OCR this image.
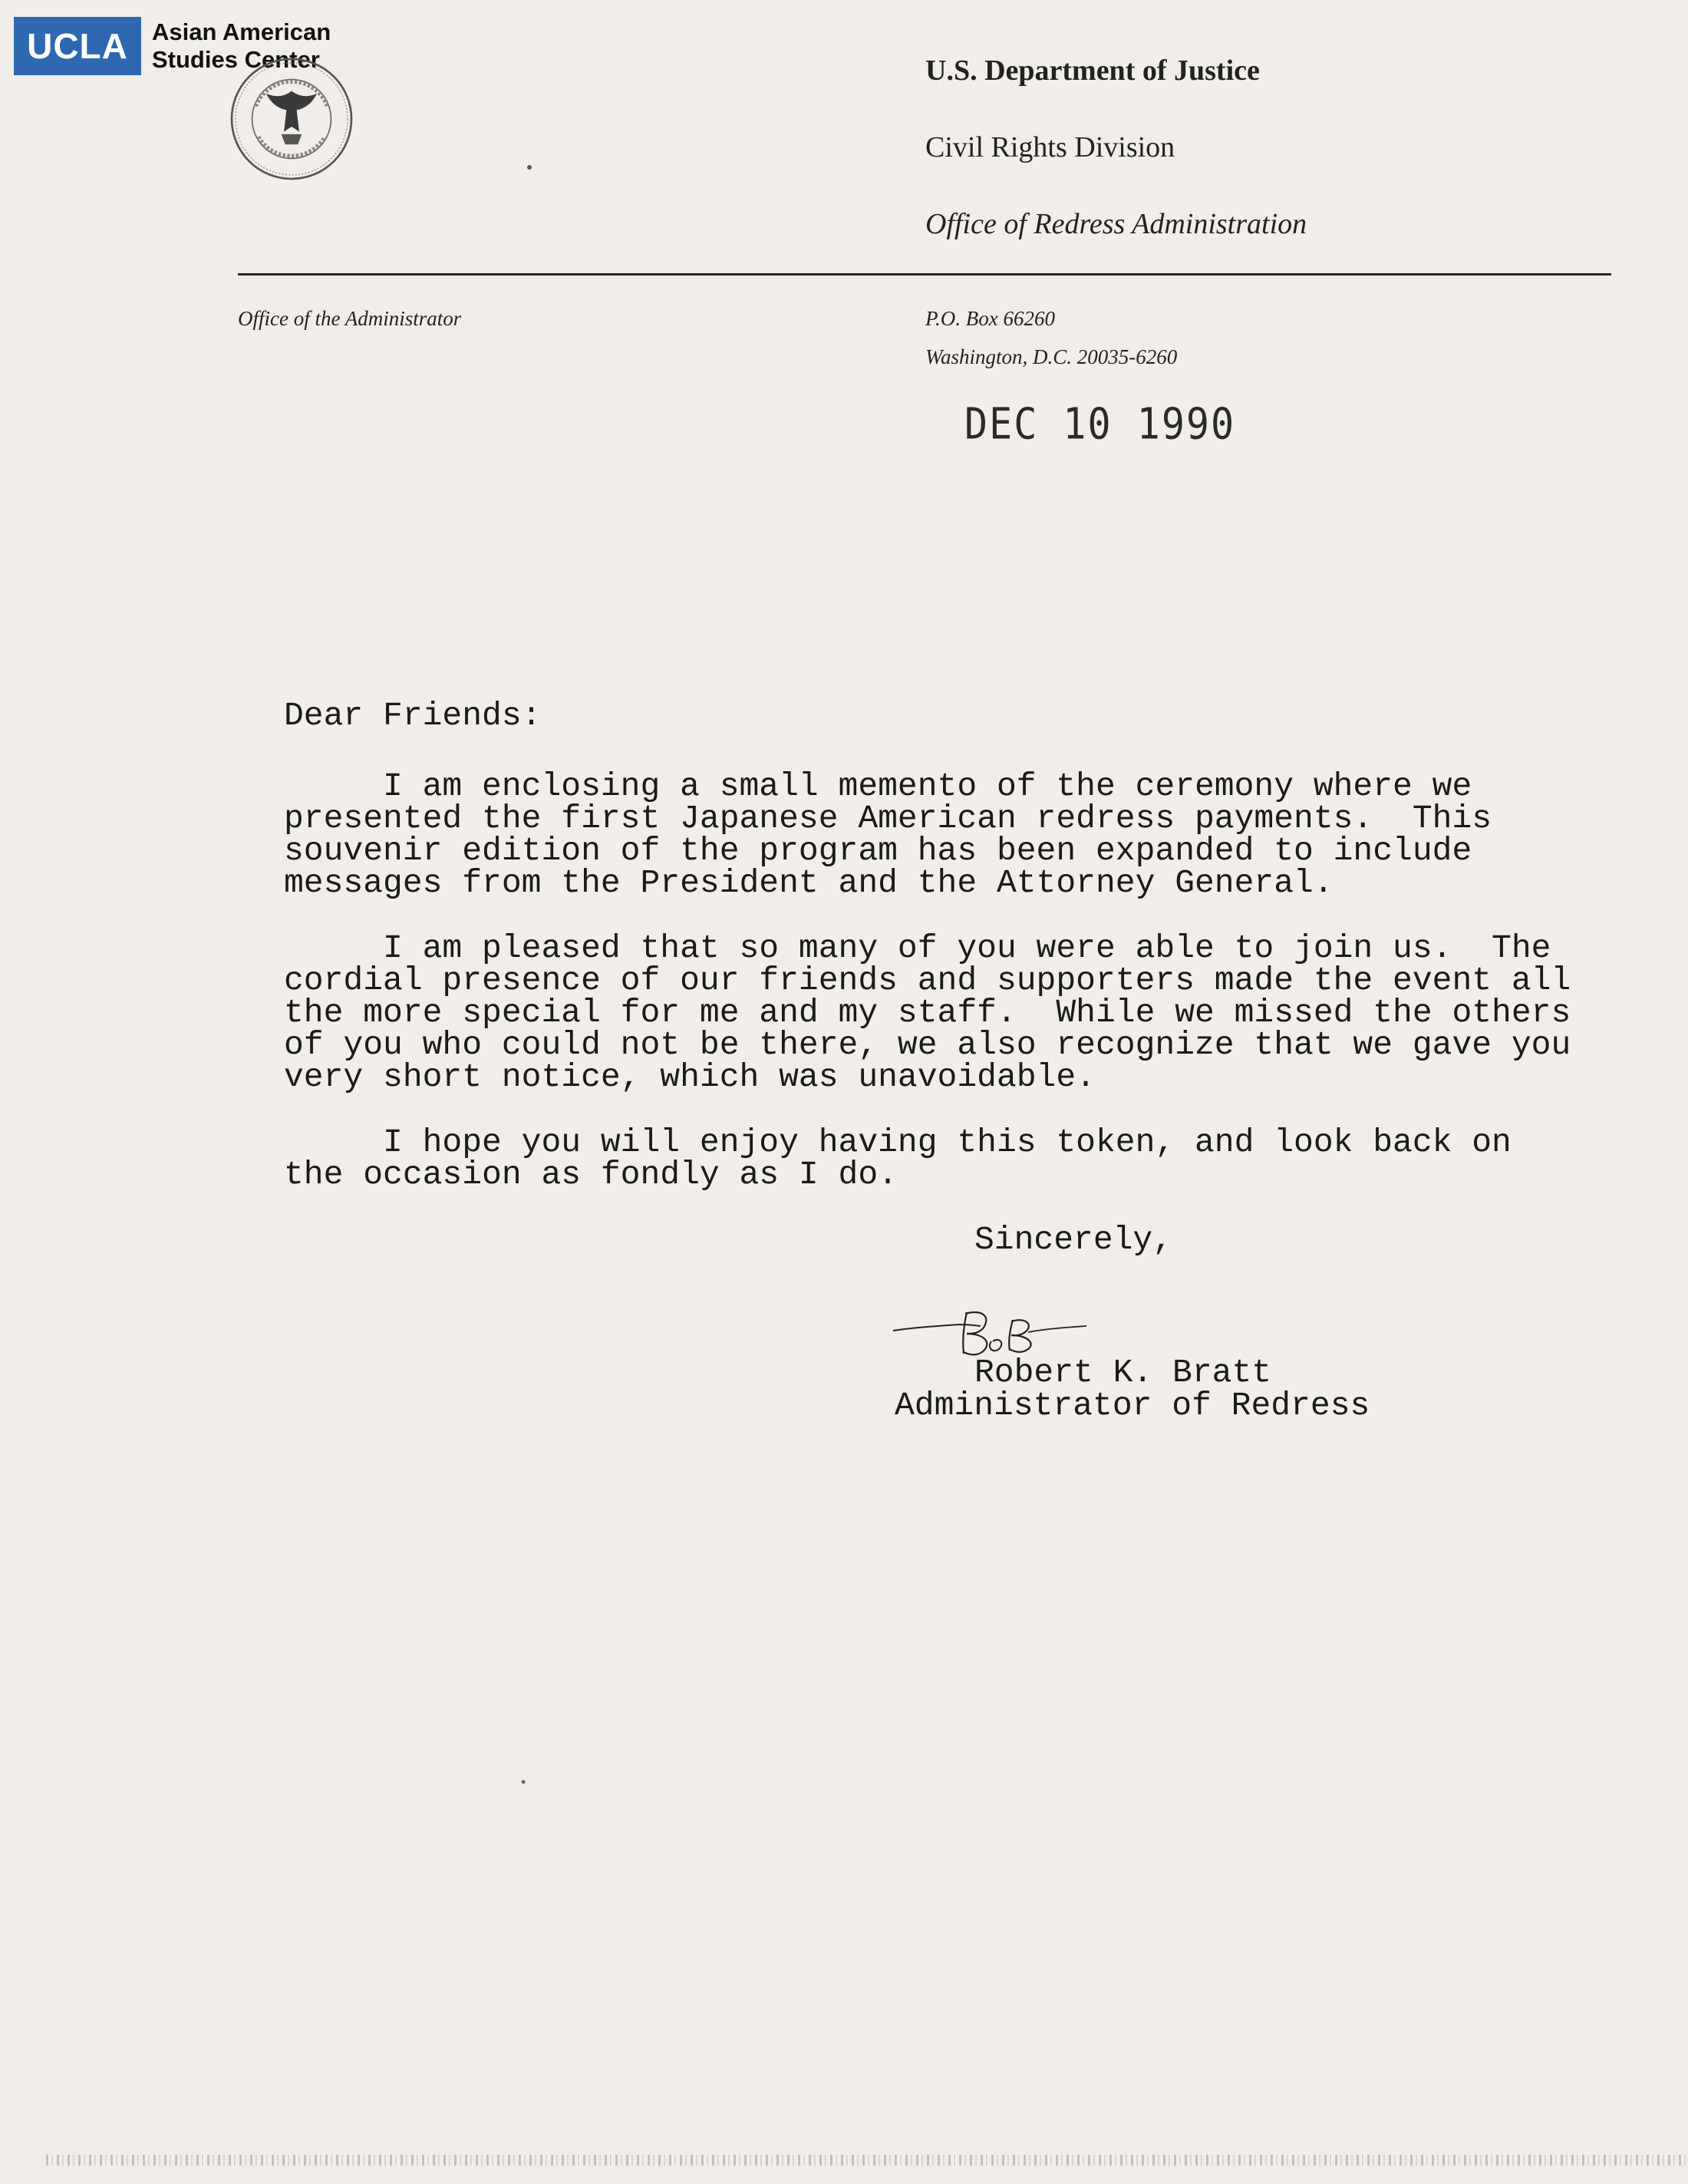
UCLA	Asian American
Studies Center	U.S. Department of Justice
Civil Rights Division
Office of Redress Administration
Office of the Administrator	P.O. Box 66260
Washington, D.C. 20035-6260
DEC 10 1990
Dear Friends:
I am enclosing a small memento of the ceremony where we
presented the first Japanese American redress payments.  This
souvenir edition of the program has been expanded to include
messages from the President and the Attorney General.
I am pleased that so many of you were able to join us.  The
cordial presence of our friends and supporters made the event all
the more special for me and my staff.  While we missed the others
of you who could not be there, we also recognize that we gave you
very short notice, which was unavoidable.
I hope you will enjoy having this token, and look back on
the occasion as fondly as I do.
Sincerely,
Robert K. Bratt
Administrator of Redress
